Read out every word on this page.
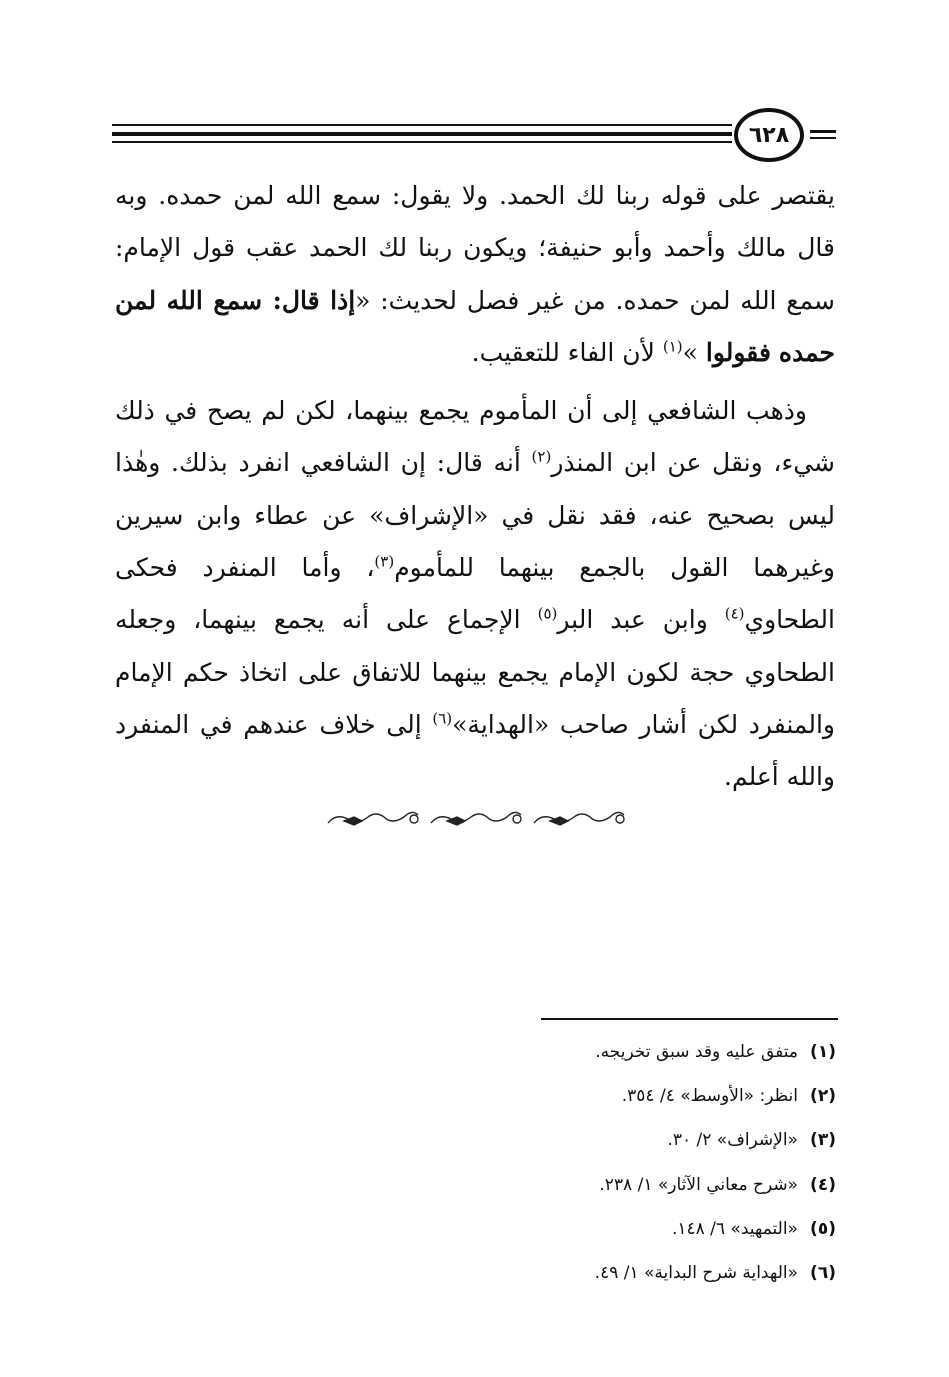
٦٢٨

يقتصر على قوله ربنا لك الحمد. ولا يقول: سمع الله لمن حمده. وبه قال مالك وأحمد وأبو حنيفة؛ ويكون ربنا لك الحمد عقب قول الإمام: سمع الله لمن حمده. من غير فصل لحديث: «إذا قال: سمع الله لمن حمده فقولوا »$^{(١)}$ لأن الفاء للتعقيب.

وذهب الشافعي إلى أن المأموم يجمع بينهما، لكن لم يصح في ذلك شيء، ونقل عن ابن المنذر$^{(٢)}$ أنه قال: إن الشافعي انفرد بذلك. وهٰذا ليس بصحيح عنه، فقد نقل في «الإشراف» عن عطاء وابن سيرين وغيرهما القول بالجمع بينهما للمأموم$^{(٣)}$، وأما المنفرد فحكى الطحاوي$^{(٤)}$ وابن عبد البر$^{(٥)}$ الإجماع على أنه يجمع بينهما، وجعله الطحاوي حجة لكون الإمام يجمع بينهما للاتفاق على اتخاذ حكم الإمام والمنفرد لكن أشار صاحب «الهداية»$^{(٦)}$ إلى خلاف عندهم في المنفرد والله أعلم.

(١)متفق عليه وقد سبق تخريجه.
(٢)انظر: «الأوسط» ٤/ ٣٥٤.
(٣)«الإشراف» ٢/ ٣٠.
(٤)«شرح معاني الآثار» ١/ ٢٣٨.
(٥)«التمهيد» ٦/ ١٤٨.
(٦)«الهداية شرح البداية» ١/ ٤٩.
